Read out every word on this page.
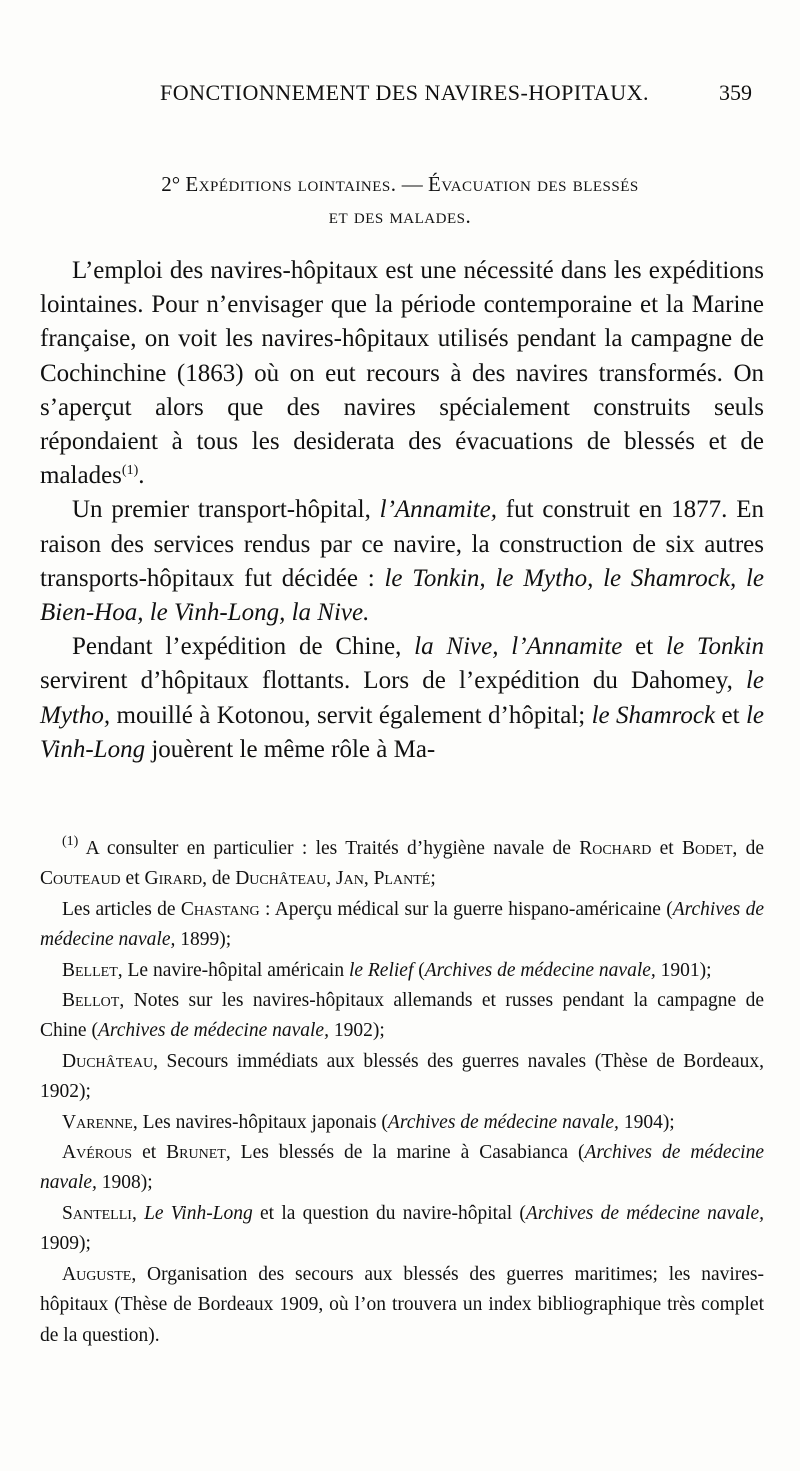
FONCTIONNEMENT DES NAVIRES-HOPITAUX.	359
2° Expéditions lointaines. — Évacuation des blessés
et des malades.

L’emploi des navires-hôpitaux est une nécessité dans les expéditions lointaines. Pour n’envisager que la période contemporaine et la Marine française, on voit les navires-hôpitaux utilisés pendant la campagne de Cochinchine (1863) où on eut recours à des navires transformés. On s’aperçut alors que des navires spécialement construits seuls répondaient à tous les desiderata des évacuations de blessés et de malades$^{(1)}$.

Un premier transport-hôpital, l’Annamite, fut construit en 1877. En raison des services rendus par ce navire, la construction de six autres transports-hôpitaux fut décidée : le Tonkin, le Mytho, le Shamrock, le Bien-Hoa, le Vinh-Long, la Nive.

Pendant l’expédition de Chine, la Nive, l’Annamite et le Tonkin servirent d’hôpitaux flottants. Lors de l’expédition du Dahomey, le Mytho, mouillé à Kotonou, servit également d’hôpital; le Shamrock et le Vinh-Long jouèrent le même rôle à Ma-

$^{(1)}$ A consulter en particulier : les Traités d’hygiène navale de Rochard et Bodet, de Couteaud et Girard, de Duchâteau, Jan, Planté;

Les articles de Chastang : Aperçu médical sur la guerre hispano-américaine (Archives de médecine navale, 1899);

Bellet, Le navire-hôpital américain le Relief (Archives de médecine navale, 1901);

Bellot, Notes sur les navires-hôpitaux allemands et russes pendant la campagne de Chine (Archives de médecine navale, 1902);

Duchâteau, Secours immédiats aux blessés des guerres navales (Thèse de Bordeaux, 1902);

Varenne, Les navires-hôpitaux japonais (Archives de médecine navale, 1904);

Avérous et Brunet, Les blessés de la marine à Casabianca (Archives de médecine navale, 1908);

Santelli, Le Vinh-Long et la question du navire-hôpital (Archives de médecine navale, 1909);

Auguste, Organisation des secours aux blessés des guerres maritimes; les navires-hôpitaux (Thèse de Bordeaux 1909, où l’on trouvera un index bibliographique très complet de la question).
